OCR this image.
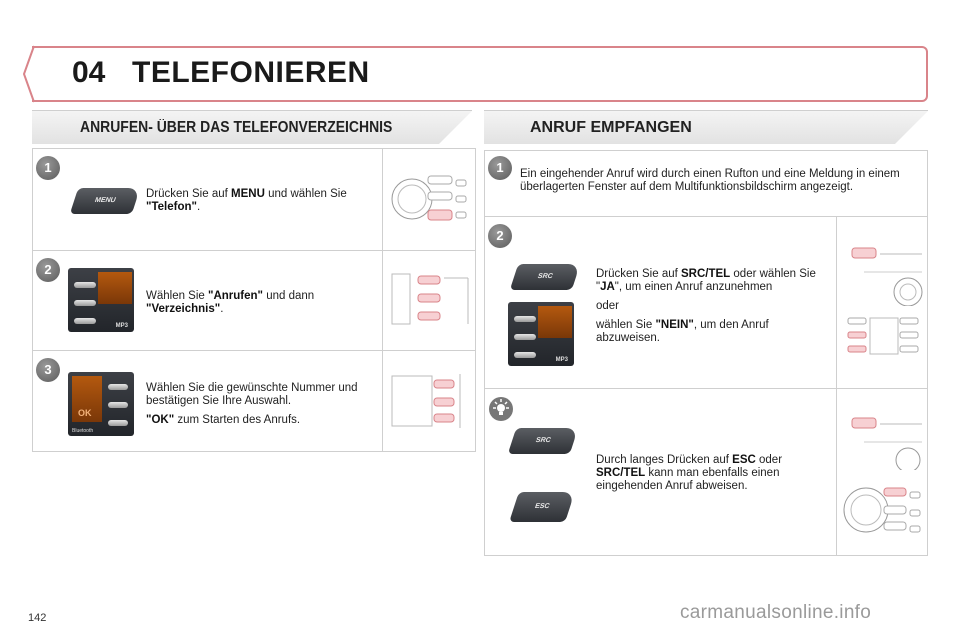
04 TELEFONIEREN
ANRUFEN- ÜBER DAS TELEFONVERZEICHNIS
1
MENU
Drücken Sie auf MENU und wählen Sie "Telefon".
2
MP3
Wählen Sie "Anrufen" und dann "Verzeichnis".
3
OK
Bluetooth

Wählen Sie die gewünschte Nummer und bestätigen Sie Ihre Auswahl.

"OK" zum Starten des Anrufs.

ANRUF EMPFANGEN
1	Ein eingehender Anruf wird durch einen Rufton und eine Meldung in einem überlagerten Fenster auf dem Multifunktionsbildschirm angezeigt.
2
SRC
MP3

Drücken Sie auf SRC/TEL oder wählen Sie "JA", um einen Anruf anzunehmen

oder

wählen Sie "NEIN", um den Anruf abzuweisen.

SRC
ESC
Durch langes Drücken auf ESC oder SRC/TEL kann man ebenfalls einen eingehenden Anruf abweisen.
142	carmanualsonline.info
